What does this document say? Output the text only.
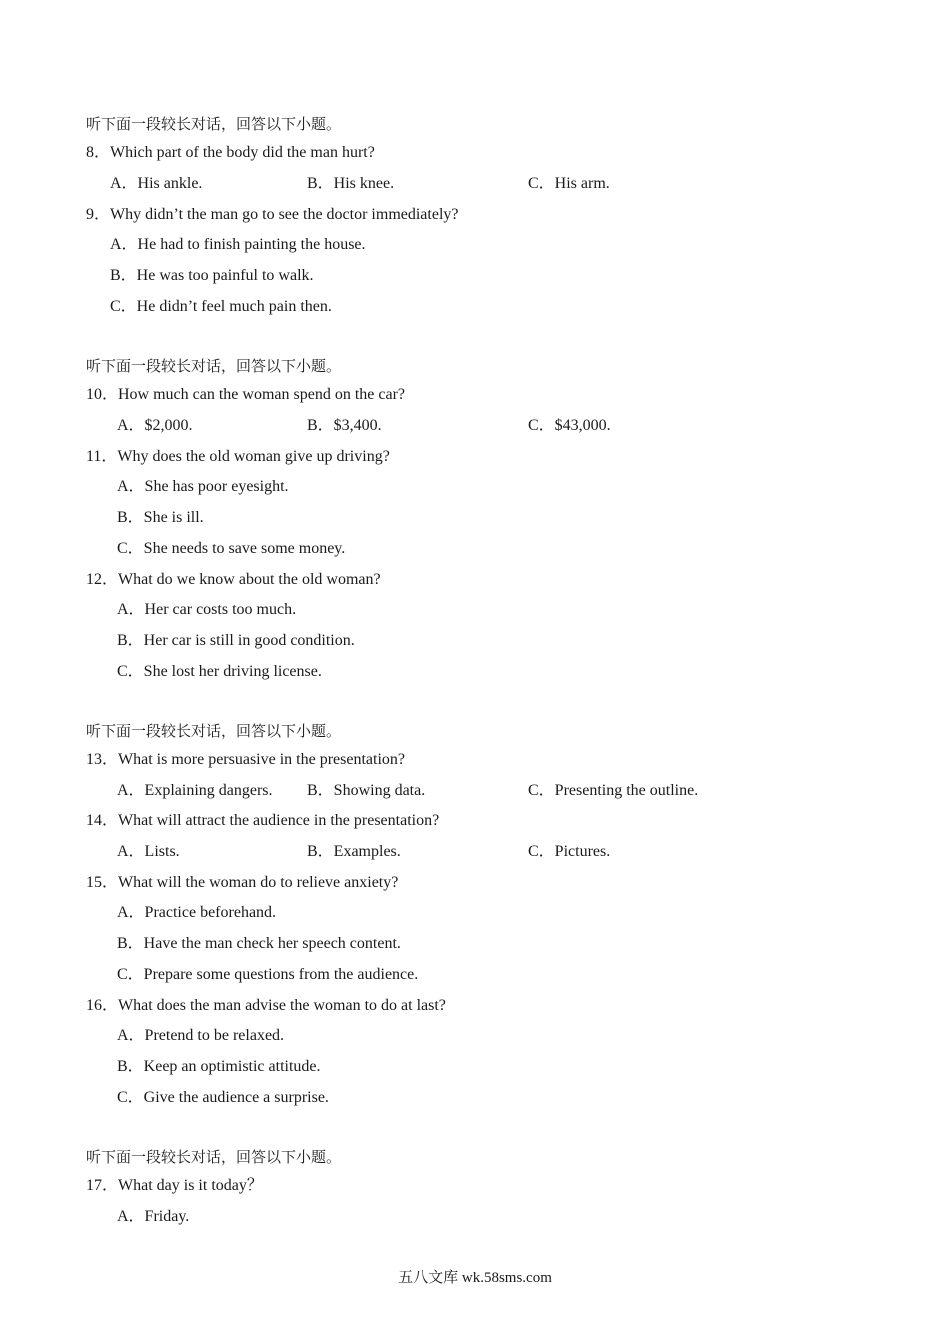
听下面一段较长对话，回答以下小题。
8．Which part of the body did the man hurt?
A．His ankle.	B．His knee.	C．His arm.
9．Why didn’t the man go to see the doctor immediately?
A．He had to finish painting the house.
B．He was too painful to walk.
C．He didn’t feel much pain then.
听下面一段较长对话，回答以下小题。
10．How much can the woman spend on the car?
A．$2,000.	B．$3,400.	C．$43,000.
11．Why does the old woman give up driving?
A．She has poor eyesight.
B．She is ill.
C．She needs to save some money.
12．What do we know about the old woman?
A．Her car costs too much.
B．Her car is still in good condition.
C．She lost her driving license.
听下面一段较长对话，回答以下小题。
13．What is more persuasive in the presentation?
A．Explaining dangers. B．Showing data.	C．Presenting the outline.
14．What will attract the audience in the presentation?
A．Lists.	B．Examples.	C．Pictures.
15．What will the woman do to relieve anxiety?
A．Practice beforehand.
B．Have the man check her speech content.
C．Prepare some questions from the audience.
16．What does the man advise the woman to do at last?
A．Pretend to be relaxed.
B．Keep an optimistic attitude.
C．Give the audience a surprise.
听下面一段较长对话，回答以下小题。
17．What day is it today？
A．Friday.
五八文库 wk.58sms.com
